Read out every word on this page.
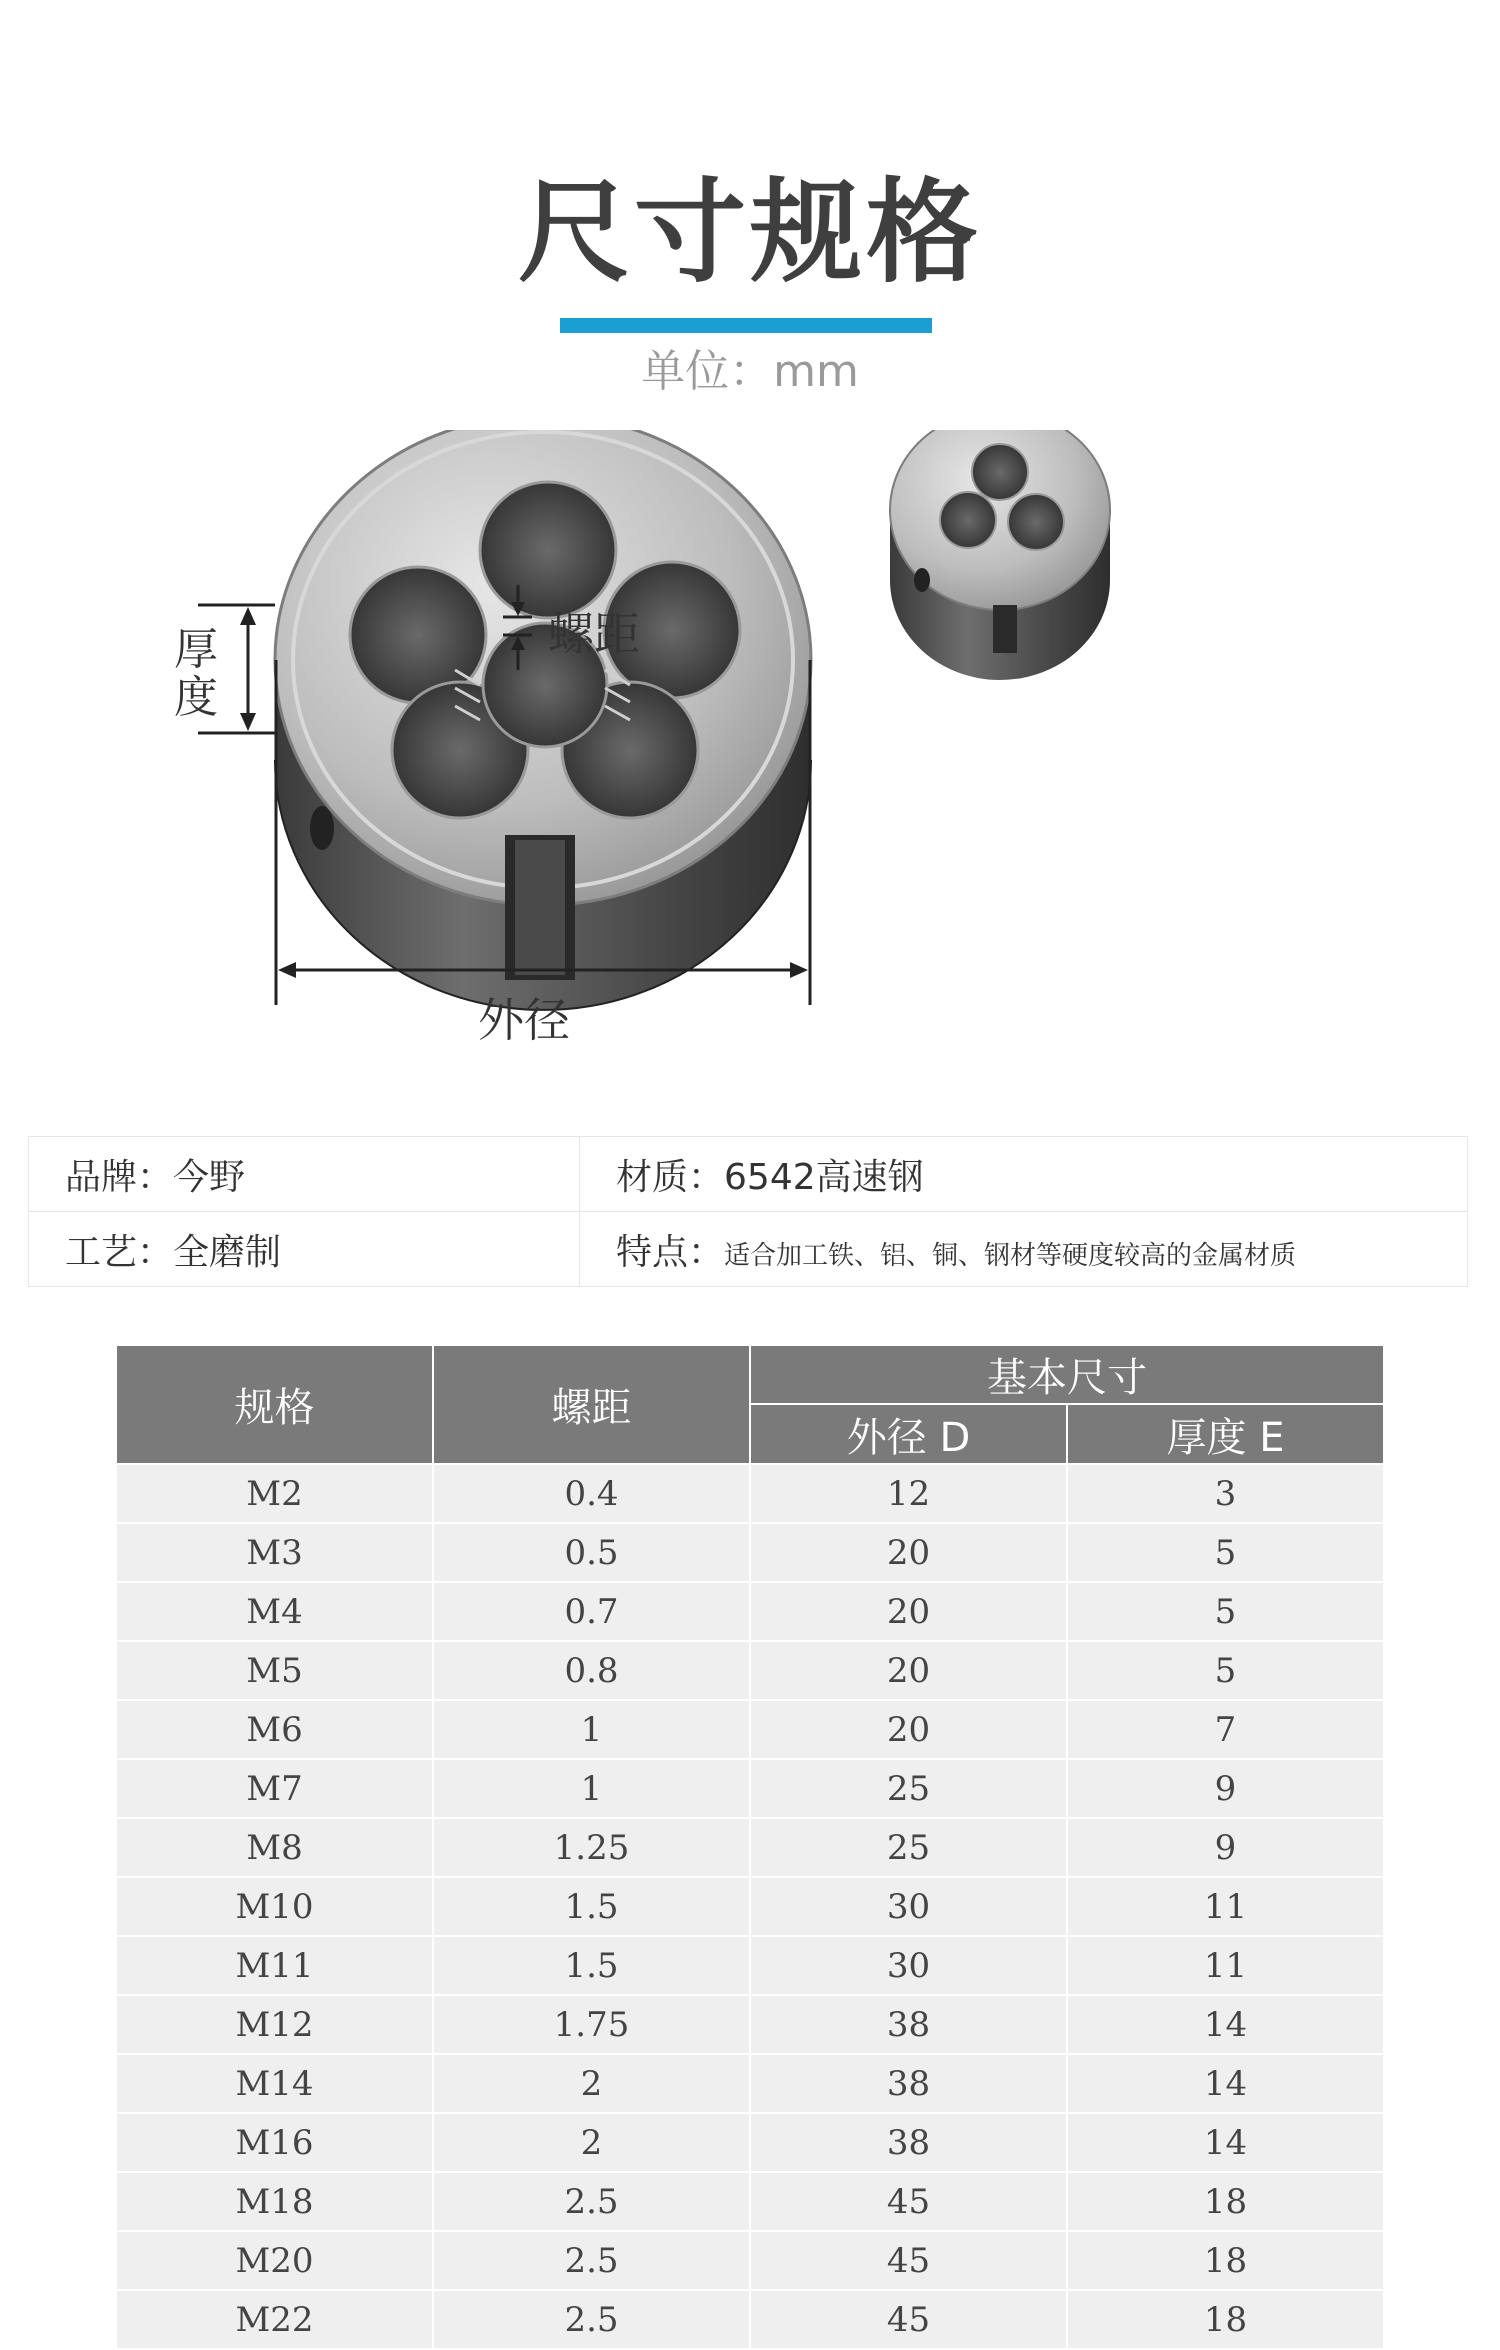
尺寸规格
单位：mm
厚度
螺距
外径
品牌：今野	材质：6542高速钢
工艺：全磨制	特点：适合加工铁、铝、铜、钢材等硬度较高的金属材质
规格	螺距	基本尺寸	
		外径 D	厚度 E
M2	0.4	12	3
M3	0.5	20	5
M4	0.7	20	5
M5	0.8	20	5
M6	1	20	7
M7	1	25	9
M8	1.25	25	9
M10	1.5	30	11
M11	1.5	30	11
M12	1.75	38	14
M14	2	38	14
M16	2	38	14
M18	2.5	45	18
M20	2.5	45	18
M22	2.5	45	18
